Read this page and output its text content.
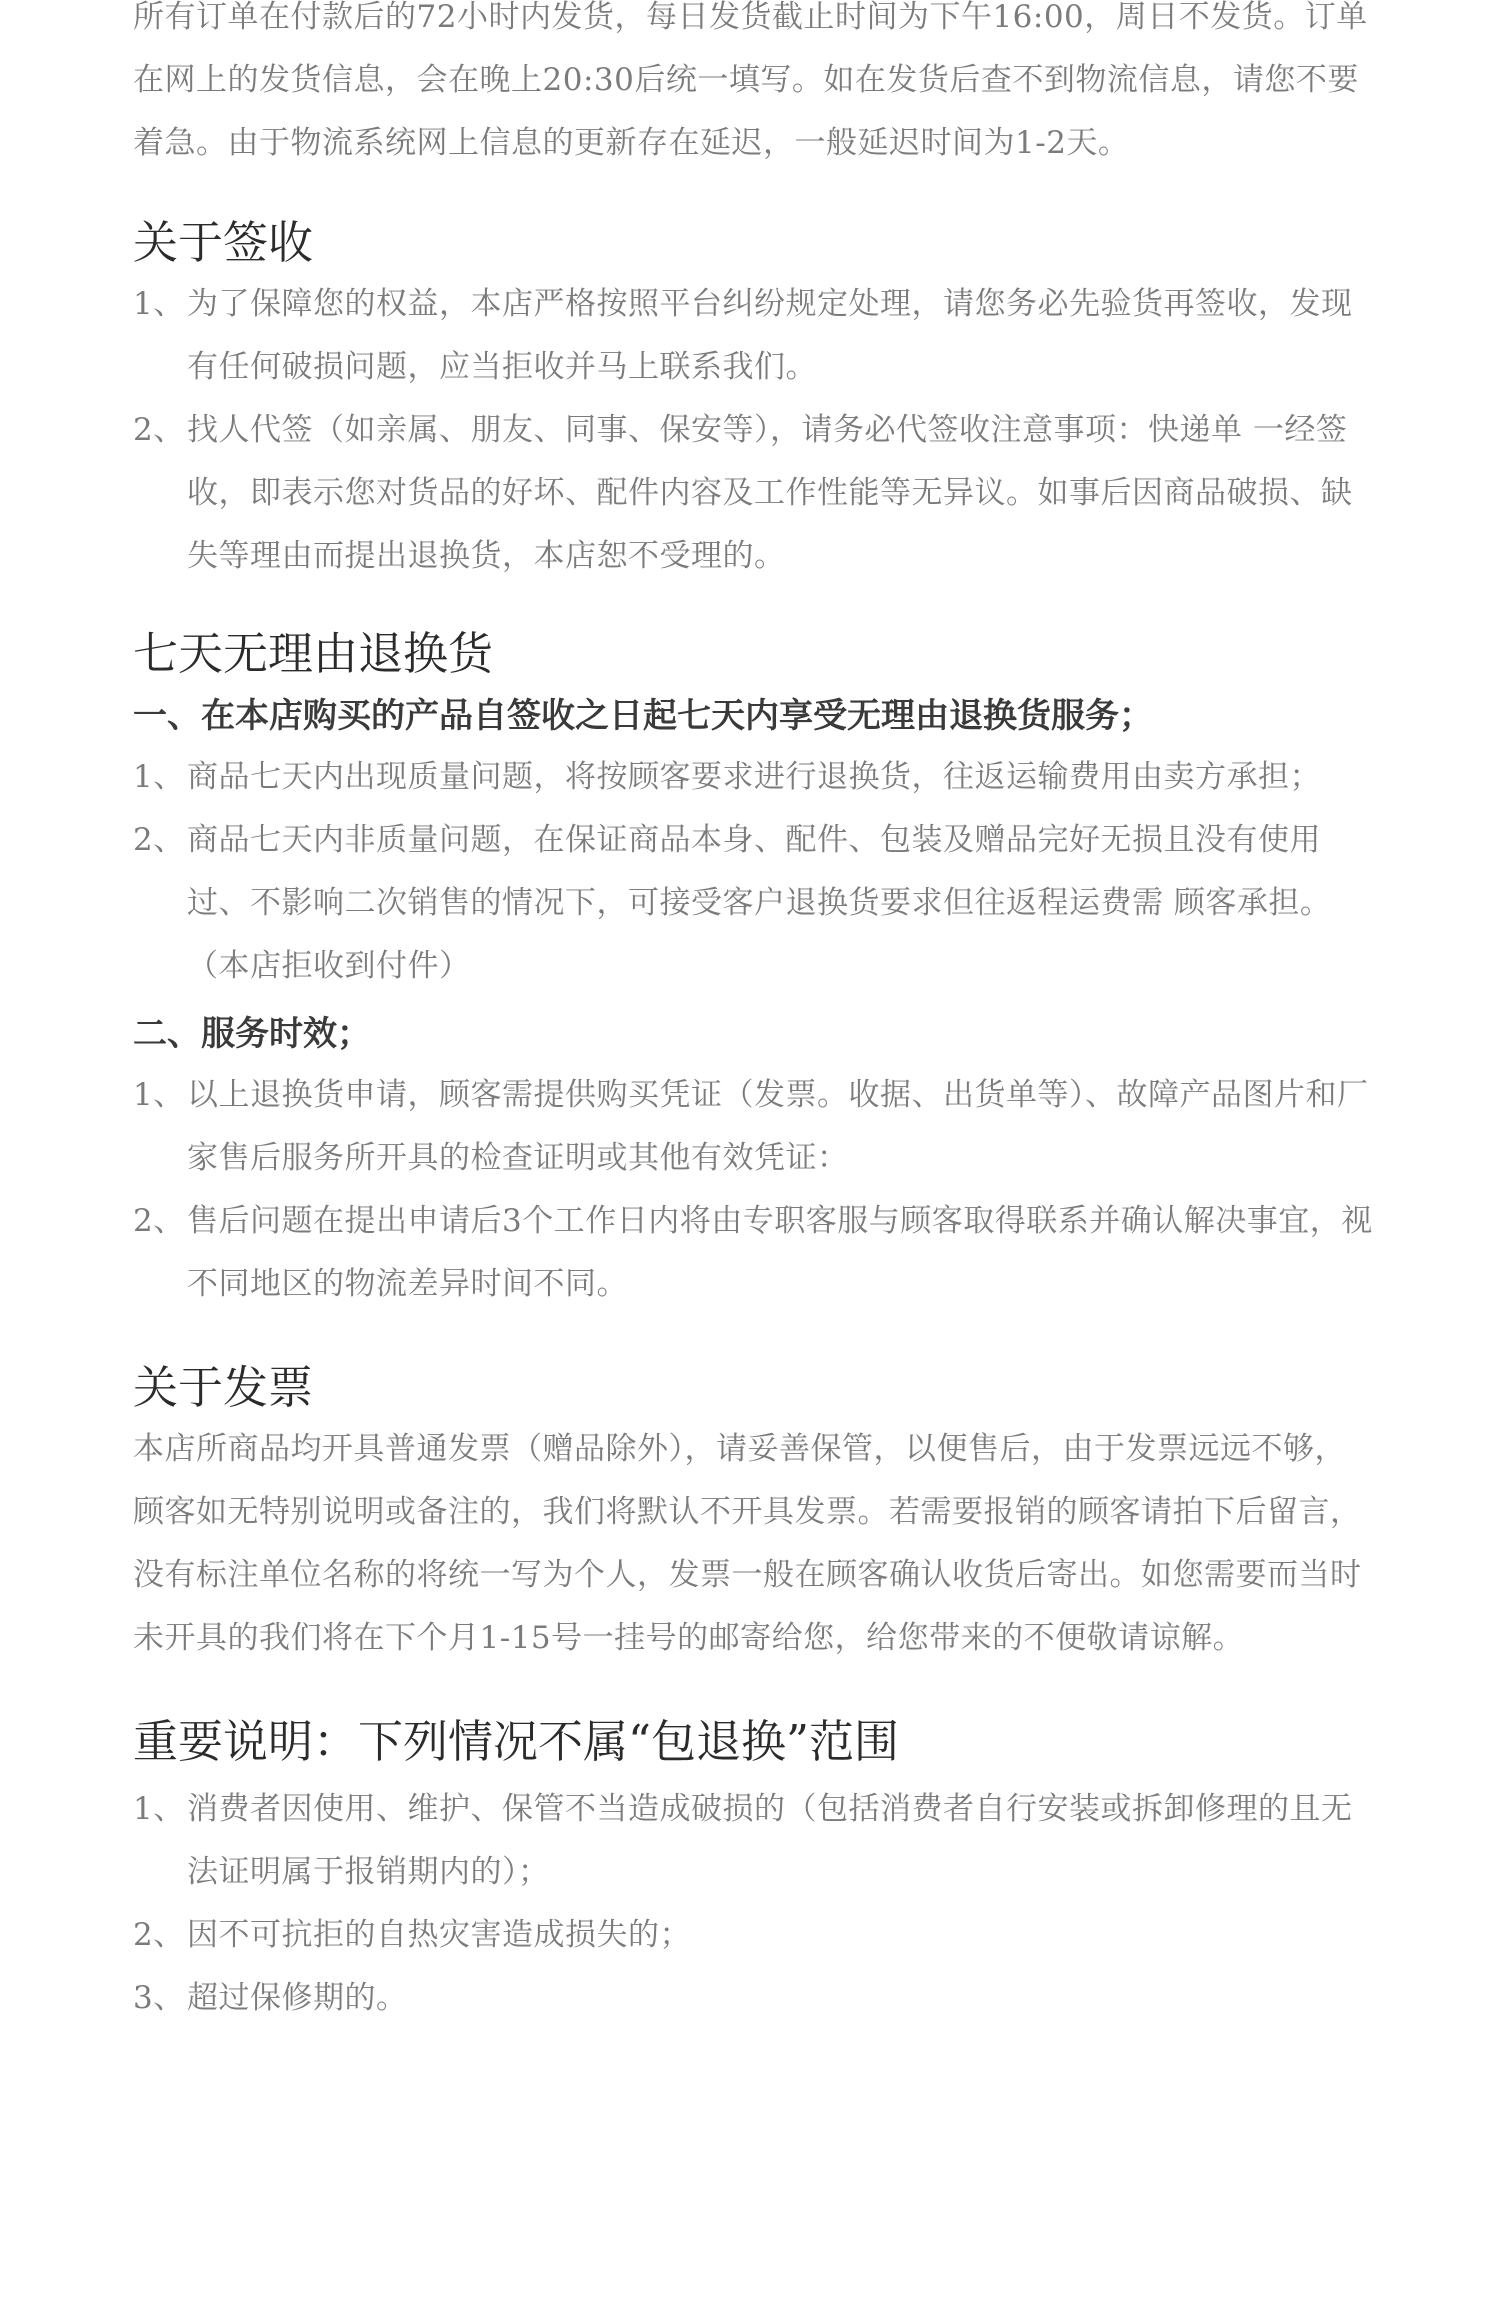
所有订单在付款后的72小时内发货，每日发货截止时间为下午16:00，周日不发货。订单在网上的发货信息，会在晚上20:30后统一填写。如在发货后查不到物流信息，请您不要着急。由于物流系统网上信息的更新存在延迟，一般延迟时间为1-2天。

关于签收
1、 为了保障您的权益，本店严格按照平台纠纷规定处理，请您务必先验货再签收，发现有任何破损问题，应当拒收并马上联系我们。
2、 找人代签（如亲属、朋友、同事、保安等），请务必代签收注意事项：快递单 一经签收，即表示您对货品的好坏、配件内容及工作性能等无异议。如事后因商品破损、缺失等理由而提出退换货，本店恕不受理的。
七天无理由退换货

一、在本店购买的产品自签收之日起七天内享受无理由退换货服务；

1、 商品七天内出现质量问题，将按顾客要求进行退换货，往返运输费用由卖方承担；
2、 商品七天内非质量问题，在保证商品本身、配件、包装及赠品完好无损且没有使用过、不影响二次销售的情况下，可接受客户退换货要求但往返程运费需 顾客承担。（本店拒收到付件）

二、服务时效；

1、 以上退换货申请，顾客需提供购买凭证（发票。收据、出货单等）、故障产品图片和厂家售后服务所开具的检查证明或其他有效凭证：
2、 售后问题在提出申请后3个工作日内将由专职客服与顾客取得联系并确认解决事宜，视不同地区的物流差异时间不同。
关于发票

本店所商品均开具普通发票（赠品除外），请妥善保管，以便售后，由于发票远远不够，顾客如无特别说明或备注的，我们将默认不开具发票。若需要报销的顾客请拍下后留言，没有标注单位名称的将统一写为个人，发票一般在顾客确认收货后寄出。如您需要而当时未开具的我们将在下个月1-15号一挂号的邮寄给您，给您带来的不便敬请谅解。

重要说明：下列情况不属“包退换”范围
1、 消费者因使用、维护、保管不当造成破损的（包括消费者自行安装或拆卸修理的且无法证明属于报销期内的）；
2、 因不可抗拒的自热灾害造成损失的；
3、 超过保修期的。
